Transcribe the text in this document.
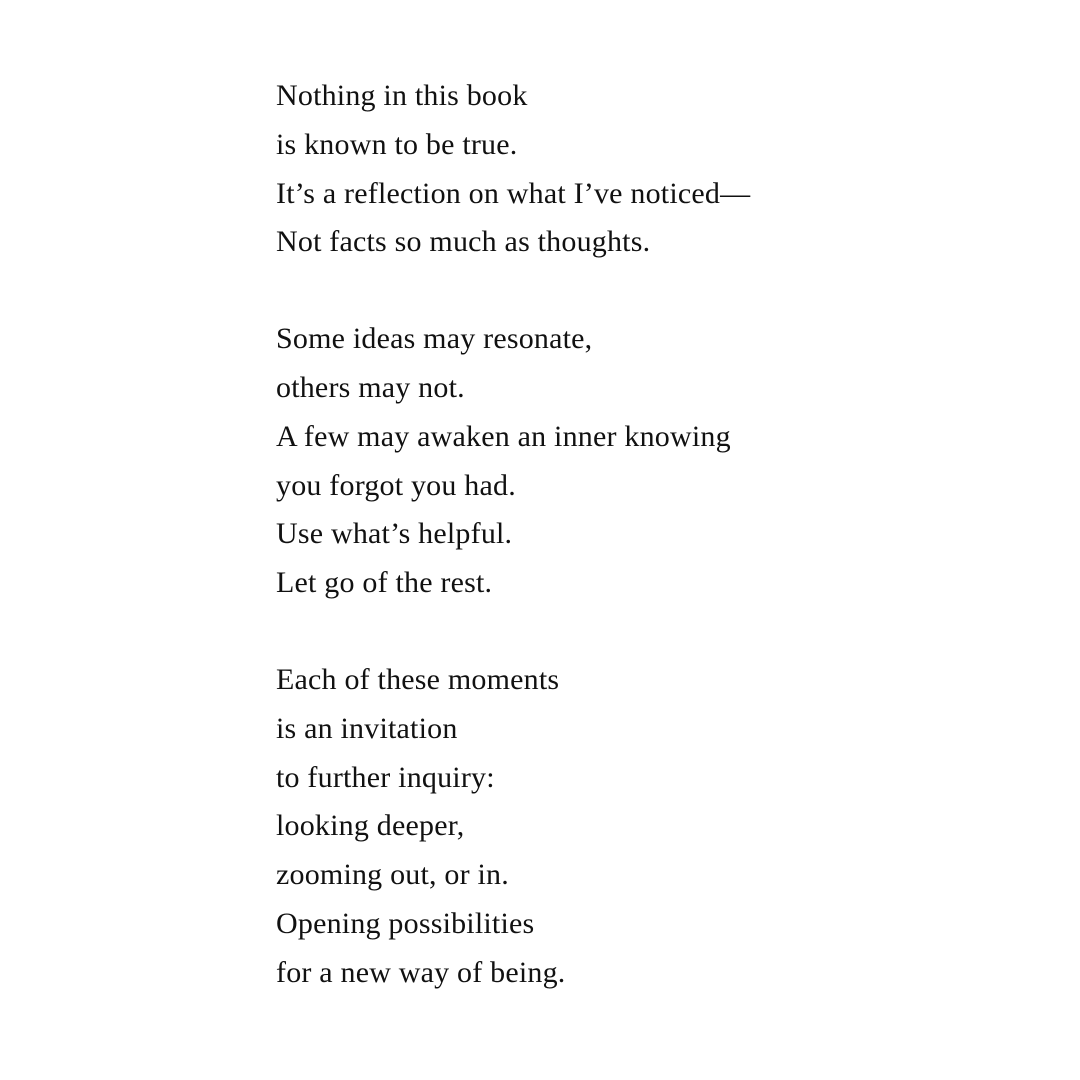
Nothing in this book
is known to be true.
It’s a reflection on what I’ve noticed—
Not facts so much as thoughts.
Some ideas may resonate,
others may not.
A few may awaken an inner knowing
you forgot you had.
Use what’s helpful.
Let go of the rest.
Each of these moments
is an invitation
to further inquiry:
looking deeper,
zooming out, or in.
Opening possibilities
for a new way of being.
